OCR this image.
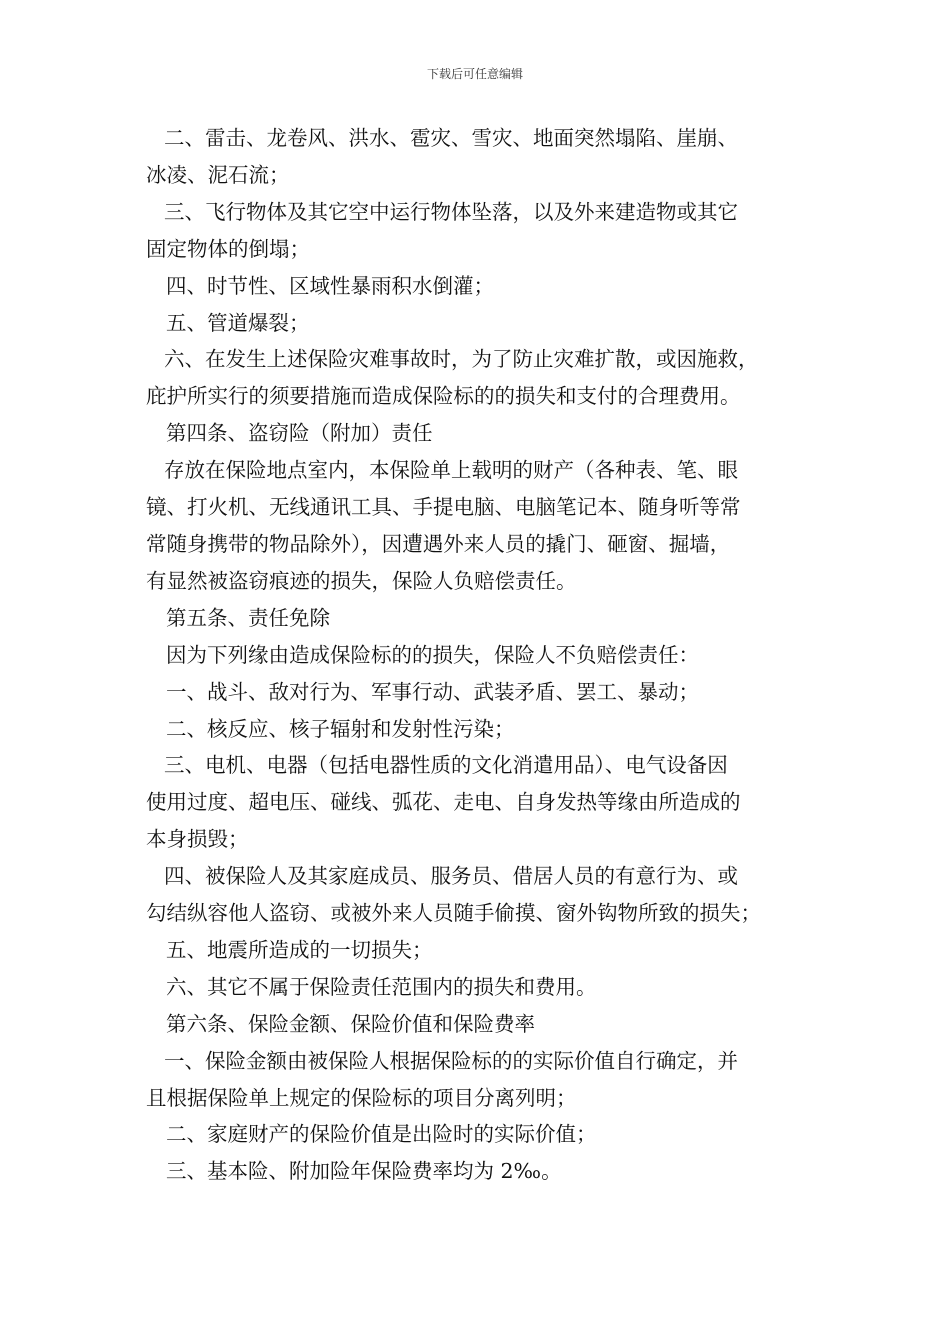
下载后可任意编辑

二、雷击、龙卷风、洪水、雹灾、雪灾、地面突然塌陷、崖崩、

冰凌、泥石流；

三、飞行物体及其它空中运行物体坠落，以及外来建造物或其它

固定物体的倒塌；

四、时节性、区域性暴雨积水倒灌；

五、管道爆裂；

六、在发生上述保险灾难事故时，为了防止灾难扩散，或因施救，

庇护所实行的须要措施而造成保险标的的损失和支付的合理费用。

第四条、盗窃险（附加）责任

存放在保险地点室内，本保险单上载明的财产（各种表、笔、眼

镜、打火机、无线通讯工具、手提电脑、电脑笔记本、随身听等常

常随身携带的物品除外），因遭遇外来人员的撬门、砸窗、掘墙，

有显然被盗窃痕迹的损失，保险人负赔偿责任。

第五条、责任免除

因为下列缘由造成保险标的的损失，保险人不负赔偿责任：

一、战斗、敌对行为、军事行动、武装矛盾、罢工、暴动；

二、核反应、核子辐射和发射性污染；

三、电机、电器（包括电器性质的文化消遣用品）、电气设备因

使用过度、超电压、碰线、弧花、走电、自身发热等缘由所造成的

本身损毁；

四、被保险人及其家庭成员、服务员、借居人员的有意行为、或

勾结纵容他人盗窃、或被外来人员随手偷摸、窗外钩物所致的损失；

五、地震所造成的一切损失；

六、其它不属于保险责任范围内的损失和费用。

第六条、保险金额、保险价值和保险费率

一、保险金额由被保险人根据保险标的的实际价值自行确定，并

且根据保险单上规定的保险标的项目分离列明；

二、家庭财产的保险价值是出险时的实际价值；

三、基本险、附加险年保险费率均为 2‰。
